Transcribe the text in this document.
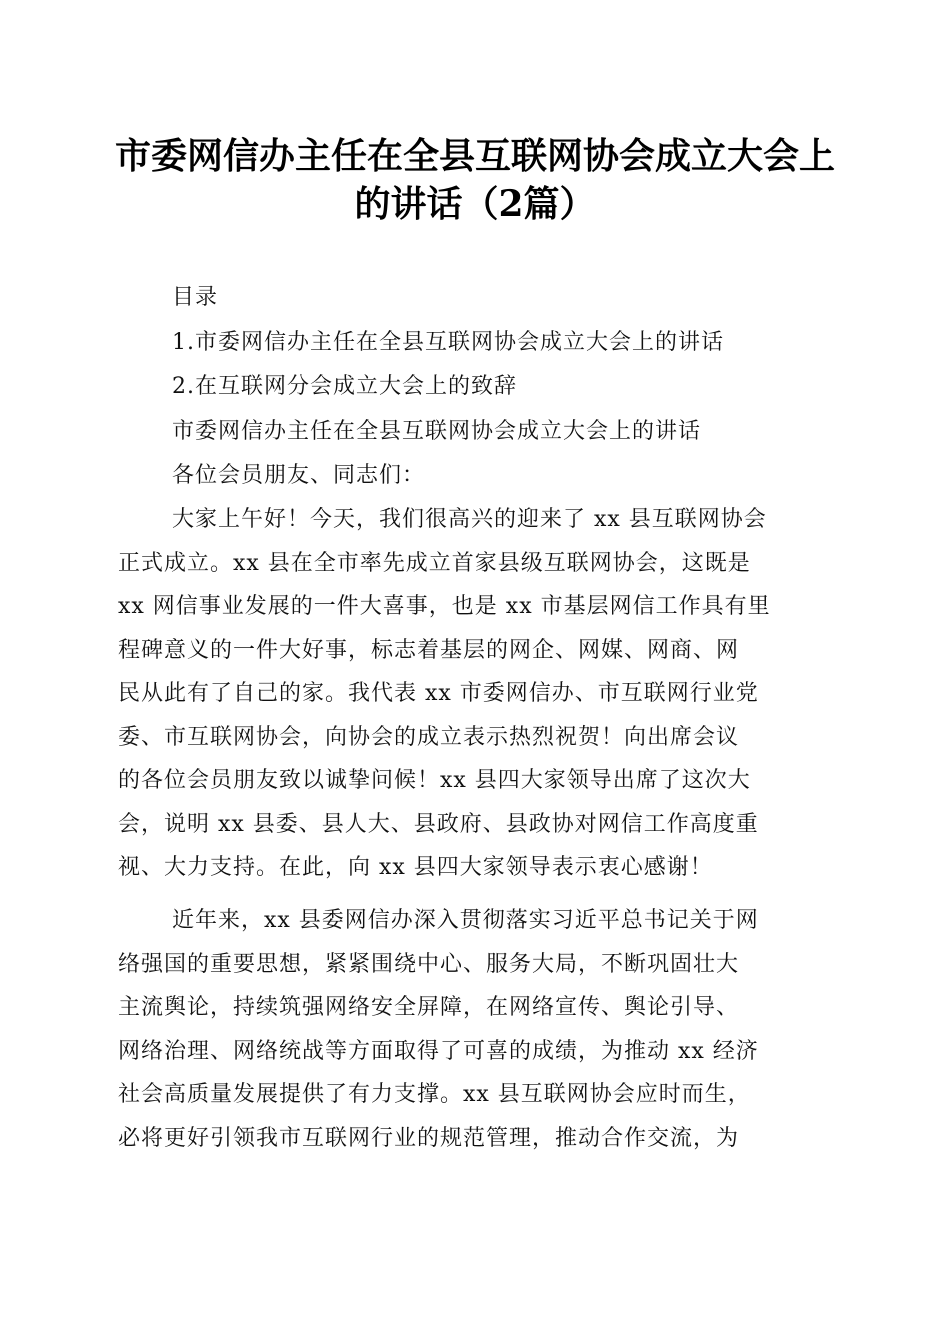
市委网信办主任在全县互联网协会成立大会上
的讲话（2篇）
目录
1.市委网信办主任在全县互联网协会成立大会上的讲话
2.在互联网分会成立大会上的致辞
市委网信办主任在全县互联网协会成立大会上的讲话
各位会员朋友、同志们：
大家上午好！今天，我们很高兴的迎来了 xx 县互联网协会
正式成立。xx 县在全市率先成立首家县级互联网协会，这既是
xx 网信事业发展的一件大喜事，也是 xx 市基层网信工作具有里
程碑意义的一件大好事，标志着基层的网企、网媒、网商、网
民从此有了自己的家。我代表 xx 市委网信办、市互联网行业党
委、市互联网协会，向协会的成立表示热烈祝贺！向出席会议
的各位会员朋友致以诚挚问候！xx 县四大家领导出席了这次大
会，说明 xx 县委、县人大、县政府、县政协对网信工作高度重
视、大力支持。在此，向 xx 县四大家领导表示衷心感谢！
近年来，xx 县委网信办深入贯彻落实习近平总书记关于网
络强国的重要思想，紧紧围绕中心、服务大局，不断巩固壮大
主流舆论，持续筑强网络安全屏障，在网络宣传、舆论引导、
网络治理、网络统战等方面取得了可喜的成绩，为推动 xx 经济
社会高质量发展提供了有力支撑。xx 县互联网协会应时而生，
必将更好引领我市互联网行业的规范管理，推动合作交流，为
